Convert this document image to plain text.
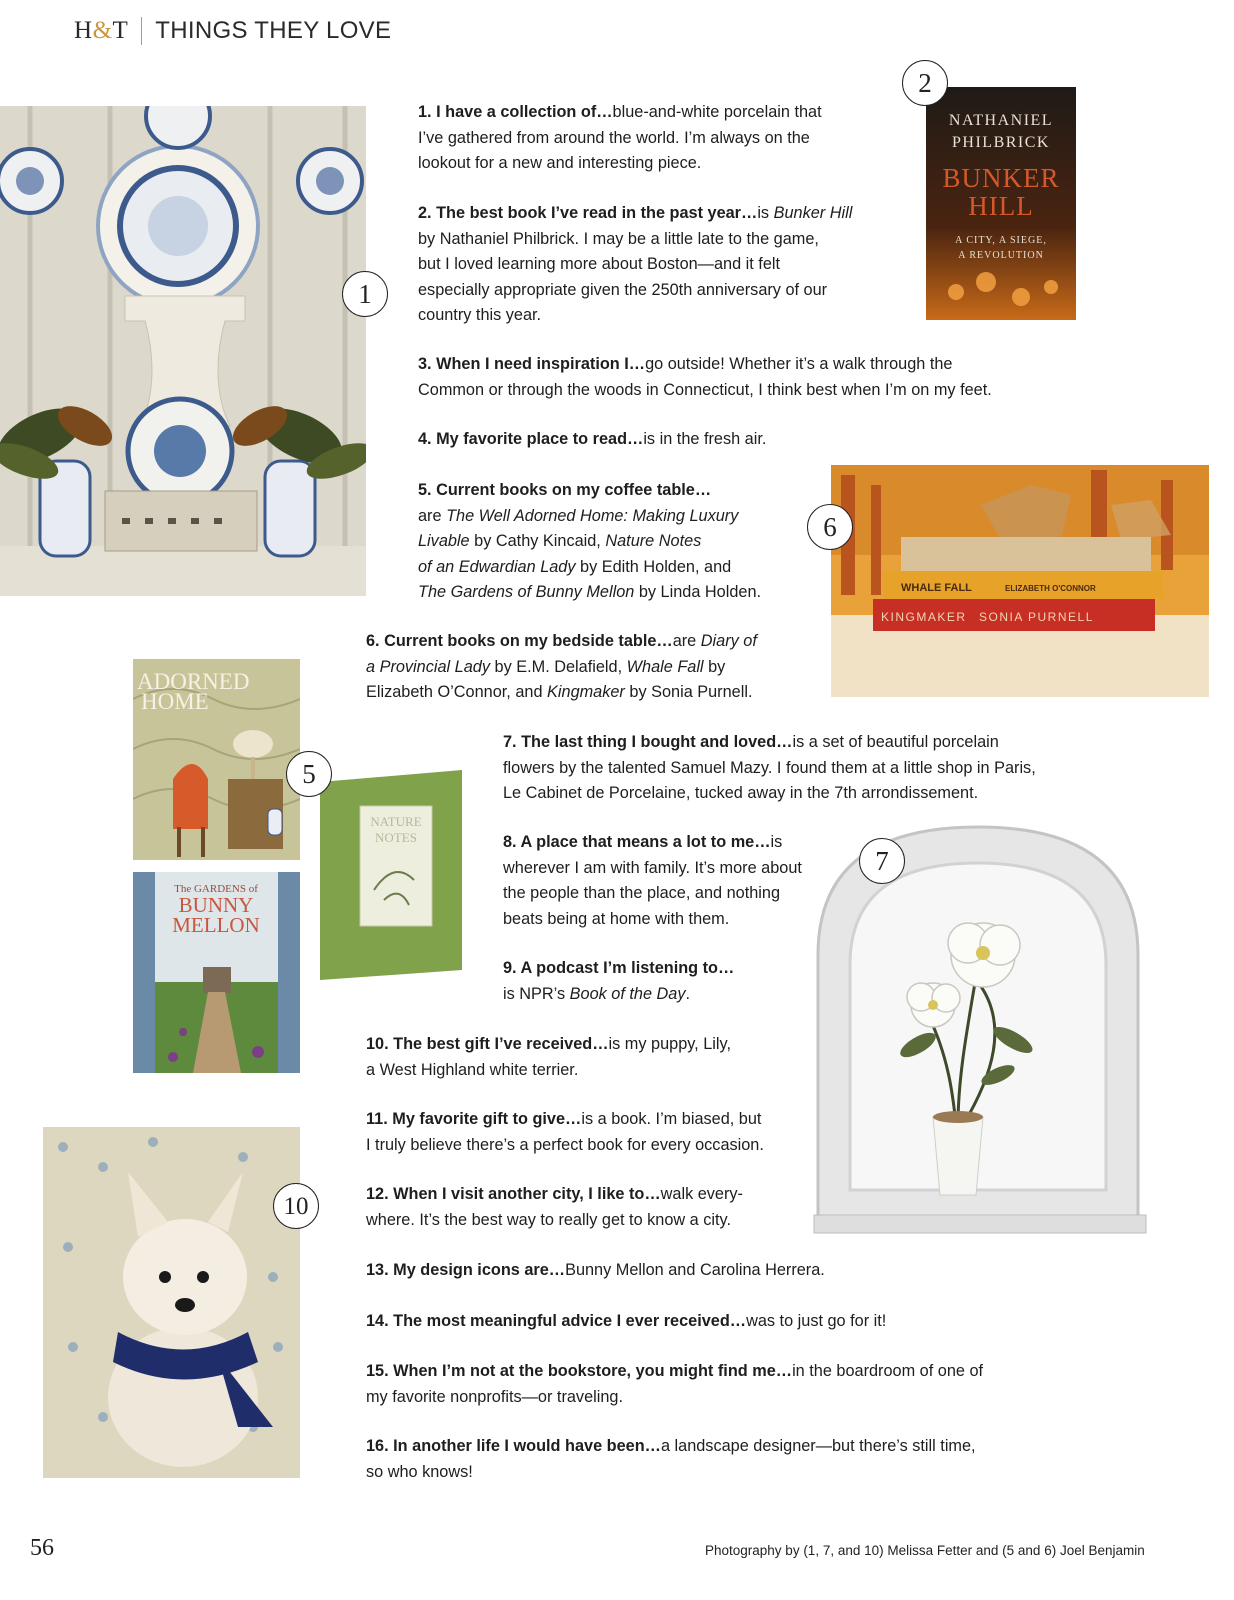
H&T THINGS THEY LOVE
NATHANIEL
PHILBRICK
BUNKER
HILL
A CITY, A SIEGE,
A REVOLUTION
WHALE FALL	ELIZABETH O'CONNOR
KINGMAKER SONIA PURNELL
ADORNED
HOME
The GARDENS of
BUNNY
MELLON
NATURE
NOTES
1
2
5
6
7
10
1. I have a collection of…blue-and-white porcelain that
I’ve gathered from around the world. I’m always on the
lookout for a new and interesting piece.
2. The best book I’ve read in the past year…is Bunker Hill
by Nathaniel Philbrick. I may be a little late to the game,
but I loved learning more about Boston—and it felt
especially appropriate given the 250th anniversary of our
country this year.
3. When I need inspiration I…go outside! Whether it’s a walk through the
Common or through the woods in Connecticut, I think best when I’m on my feet.
4. My favorite place to read…is in the fresh air.
5. Current books on my coffee table…
are The Well Adorned Home: Making Luxury
Livable by Cathy Kincaid, Nature Notes
of an Edwardian Lady by Edith Holden, and
The Gardens of Bunny Mellon by Linda Holden.
6. Current books on my bedside table…are Diary of
a Provincial Lady by E.M. Delafield, Whale Fall by
Elizabeth O’Connor, and Kingmaker by Sonia Purnell.
7. The last thing I bought and loved…is a set of beautiful porcelain
flowers by the talented Samuel Mazy. I found them at a little shop in Paris,
Le Cabinet de Porcelaine, tucked away in the 7th arrondissement.
8. A place that means a lot to me…is
wherever I am with family. It’s more about
the people than the place, and nothing
beats being at home with them.
9. A podcast I’m listening to…
is NPR’s Book of the Day.
10. The best gift I’ve received…is my puppy, Lily,
a West Highland white terrier.
11. My favorite gift to give…is a book. I’m biased, but
I truly believe there’s a perfect book for every occasion.
12. When I visit another city, I like to…walk every-
where. It’s the best way to really get to know a city.
13. My design icons are…Bunny Mellon and Carolina Herrera.
14. The most meaningful advice I ever received…was to just go for it!
15. When I’m not at the bookstore, you might find me…in the boardroom of one of
my favorite nonprofits—or traveling.
16. In another life I would have been…a landscape designer—but there’s still time,
so who knows!
56	Photography by (1, 7, and 10) Melissa Fetter and (5 and 6) Joel Benjamin
